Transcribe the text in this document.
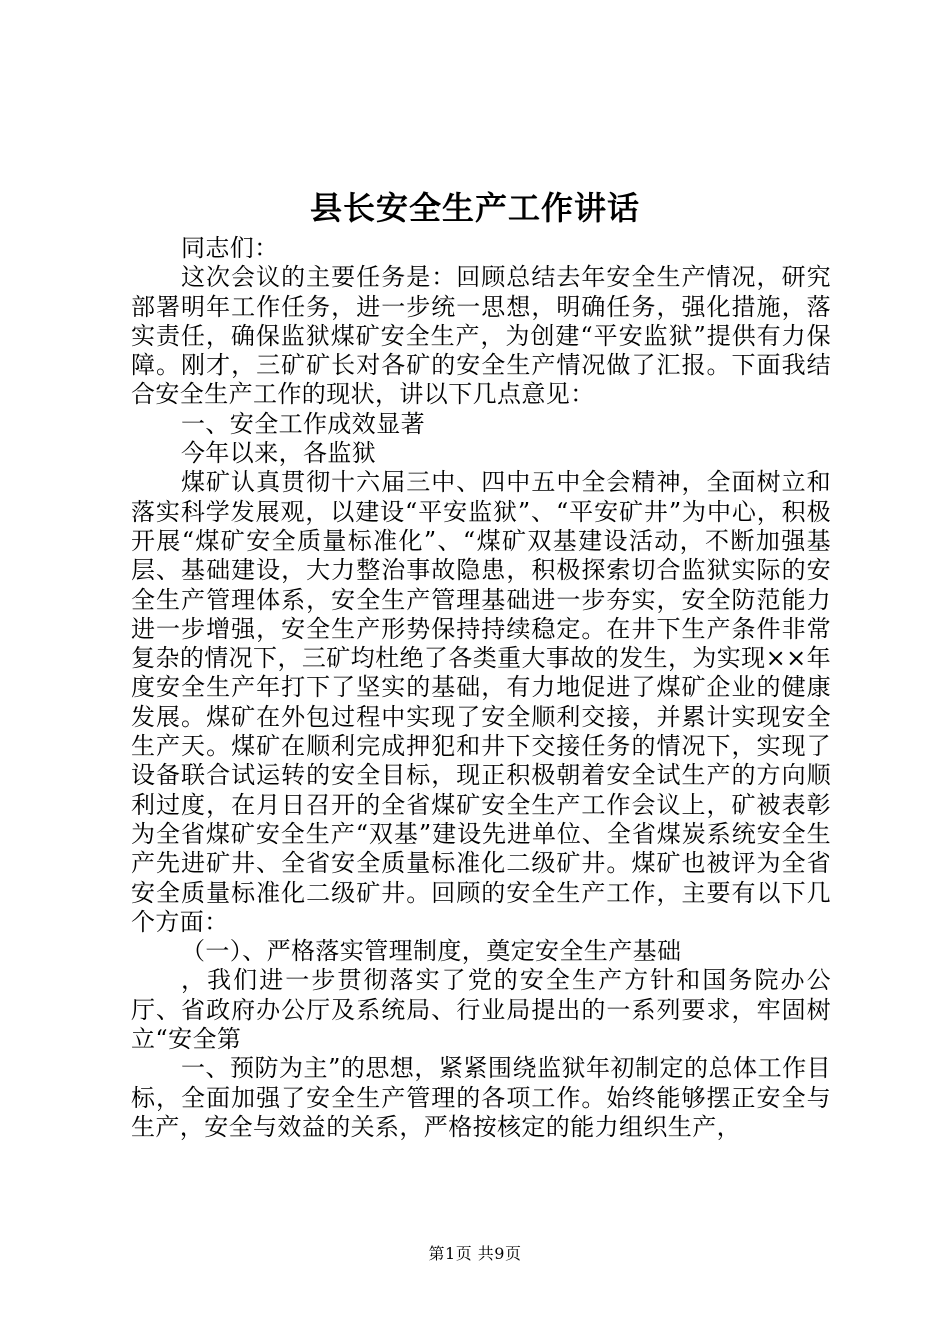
县长安全生产工作讲话

同志们：

这次会议的主要任务是：回顾总结去年安全生产情况，研究部署明年工作任务，进一步统一思想，明确任务，强化措施，落实责任，确保监狱煤矿安全生产，为创建“平安监狱”提供有力保障。刚才，三矿矿长对各矿的安全生产情况做了汇报。下面我结合安全生产工作的现状，讲以下几点意见：

一、安全工作成效显著

今年以来，各监狱

煤矿认真贯彻十六届三中、四中五中全会精神，全面树立和落实科学发展观，以建设“平安监狱”、“平安矿井”为中心，积极开展“煤矿安全质量标准化”、“煤矿双基建设活动，不断加强基层、基础建设，大力整治事故隐患，积极探索切合监狱实际的安全生产管理体系，安全生产管理基础进一步夯实，安全防范能力进一步增强，安全生产形势保持持续稳定。在井下生产条件非常复杂的情况下，三矿均杜绝了各类重大事故的发生，为实现××年度安全生产年打下了坚实的基础，有力地促进了煤矿企业的健康发展。煤矿在外包过程中实现了安全顺利交接，并累计实现安全生产天。煤矿在顺利完成押犯和井下交接任务的情况下，实现了设备联合试运转的安全目标，现正积极朝着安全试生产的方向顺利过度，在月日召开的全省煤矿安全生产工作会议上，矿被表彰为全省煤矿安全生产“双基”建设先进单位、全省煤炭系统安全生产先进矿井、全省安全质量标准化二级矿井。煤矿也被评为全省安全质量标准化二级矿井。回顾的安全生产工作，主要有以下几个方面：

（一）、严格落实管理制度，奠定安全生产基础

，我们进一步贯彻落实了党的安全生产方针和国务院办公厅、省政府办公厅及系统局、行业局提出的一系列要求，牢固树立“安全第

一、预防为主”的思想，紧紧围绕监狱年初制定的总体工作目标，全面加强了安全生产管理的各项工作。始终能够摆正安全与生产，安全与效益的关系，严格按核定的能力组织生产，

第1页 共9页
